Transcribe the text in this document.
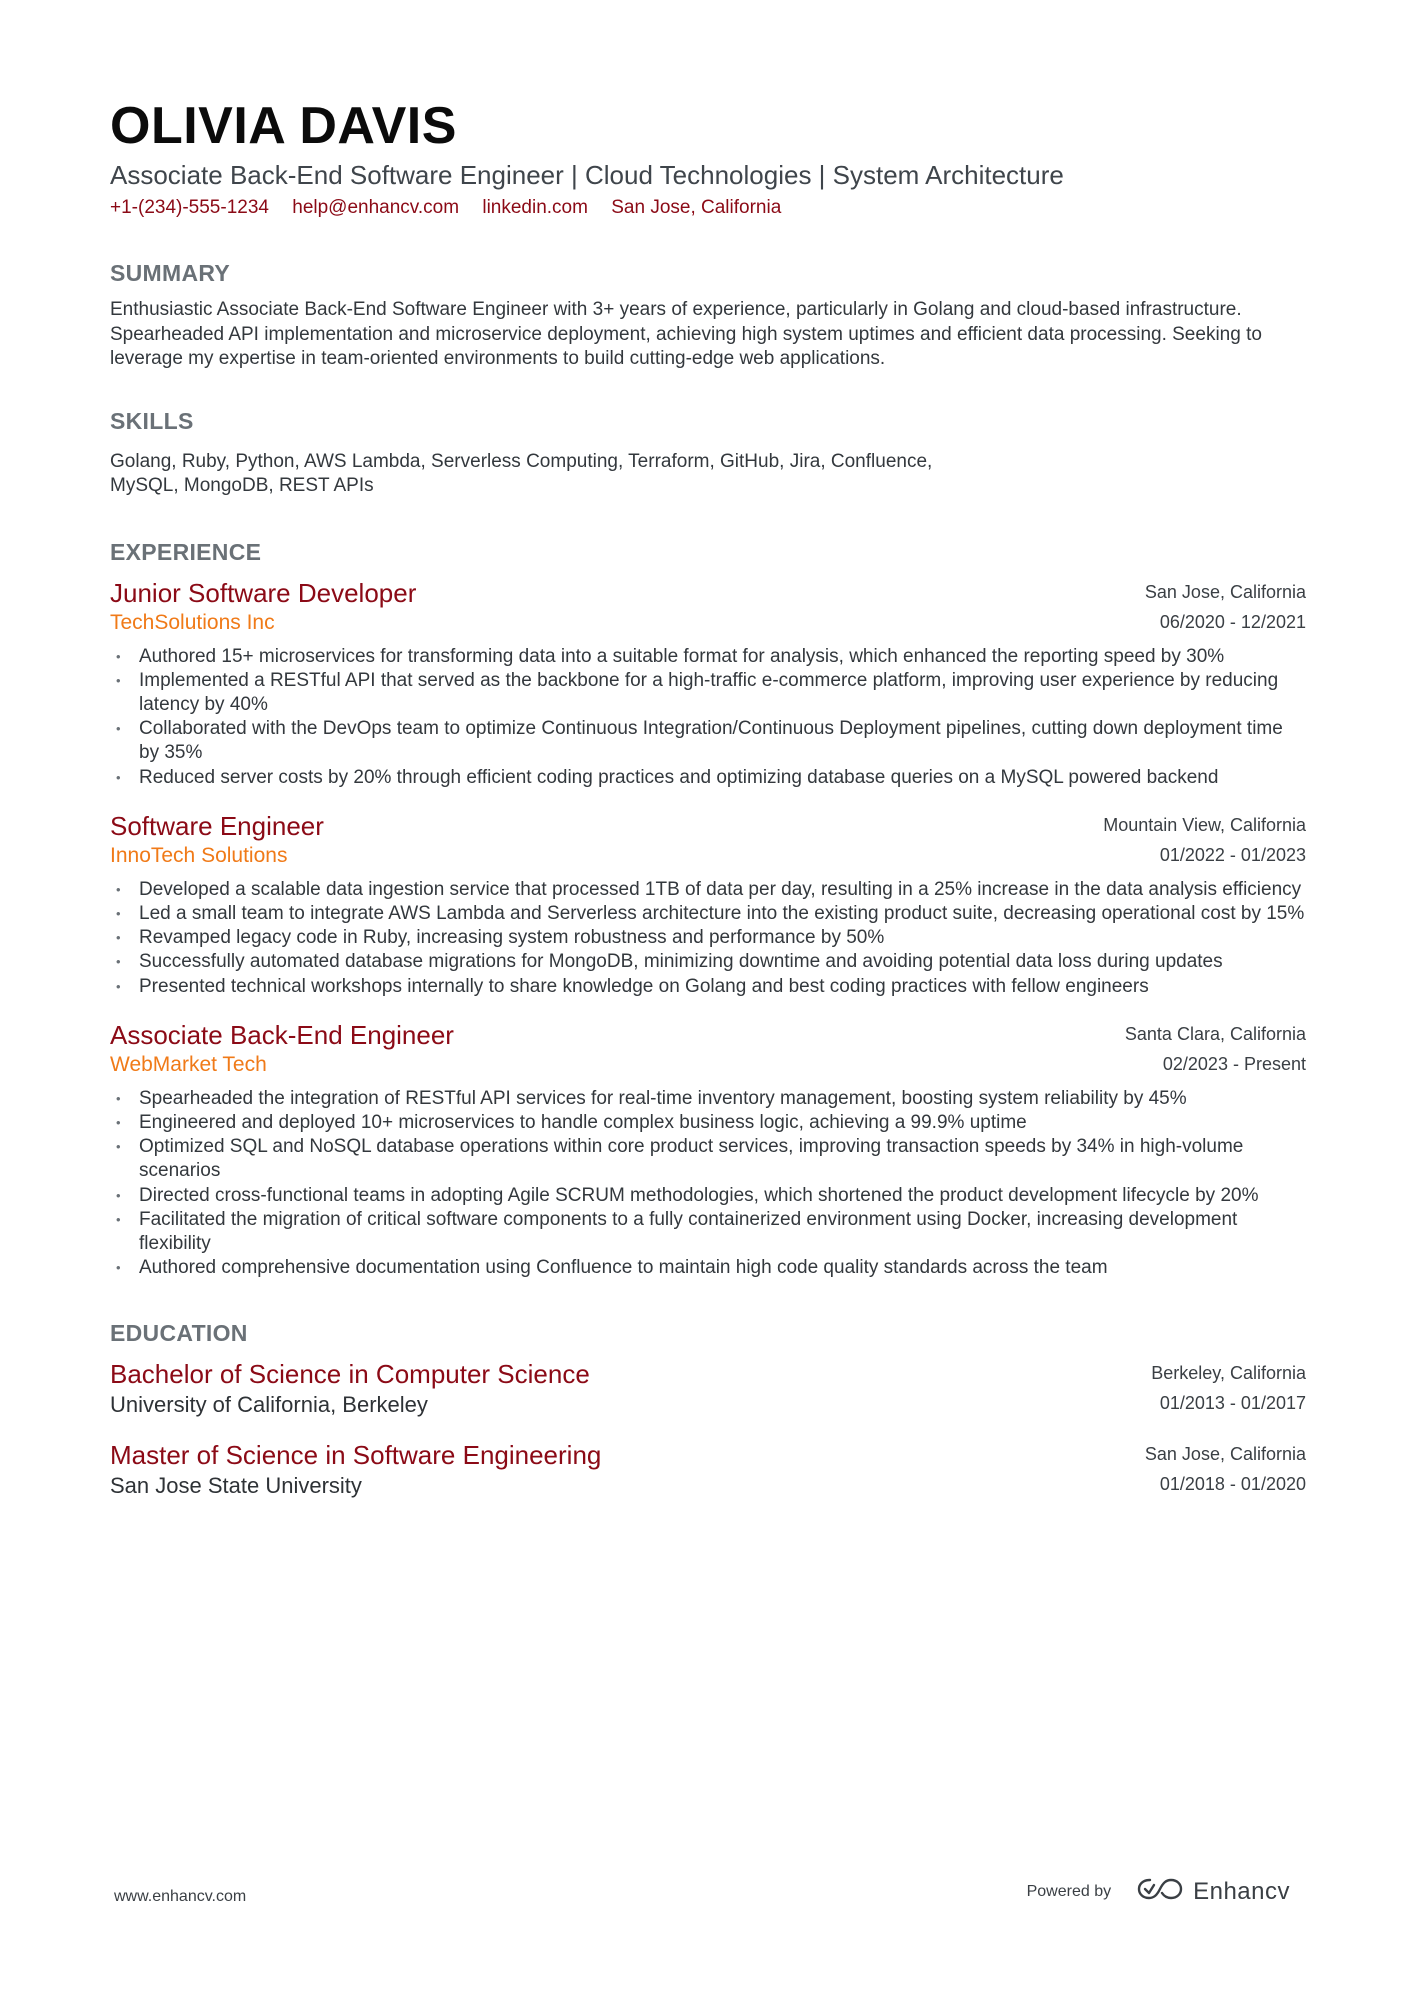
OLIVIA DAVIS
Associate Back-End Software Engineer | Cloud Technologies | System Architecture
+1-(234)-555-1234 help@enhancv.com linkedin.com San Jose, California
SUMMARY
Enthusiastic Associate Back-End Software Engineer with 3+ years of experience, particularly in Golang and cloud-based infrastructure. Spearheaded API implementation and microservice deployment, achieving high system uptimes and efficient data processing. Seeking to leverage my expertise in team-oriented environments to build cutting-edge web applications.
SKILLS
Golang, Ruby, Python, AWS Lambda, Serverless Computing, Terraform, GitHub, Jira, Confluence, MySQL, MongoDB, REST APIs
EXPERIENCE
Junior Software Developer
TechSolutions Inc
San Jose, California
06/2020 - 12/2021
• Authored 15+ microservices for transforming data into a suitable format for analysis, which enhanced the reporting speed by 30%
• Implemented a RESTful API that served as the backbone for a high-traffic e-commerce platform, improving user experience by reducing latency by 40%
• Collaborated with the DevOps team to optimize Continuous Integration/Continuous Deployment pipelines, cutting down deployment time by 35%
• Reduced server costs by 20% through efficient coding practices and optimizing database queries on a MySQL powered backend
Software Engineer
InnoTech Solutions
Mountain View, California
01/2022 - 01/2023
• Developed a scalable data ingestion service that processed 1TB of data per day, resulting in a 25% increase in the data analysis efficiency
• Led a small team to integrate AWS Lambda and Serverless architecture into the existing product suite, decreasing operational cost by 15%
• Revamped legacy code in Ruby, increasing system robustness and performance by 50%
• Successfully automated database migrations for MongoDB, minimizing downtime and avoiding potential data loss during updates
• Presented technical workshops internally to share knowledge on Golang and best coding practices with fellow engineers
Associate Back-End Engineer
WebMarket Tech
Santa Clara, California
02/2023 - Present
• Spearheaded the integration of RESTful API services for real-time inventory management, boosting system reliability by 45%
• Engineered and deployed 10+ microservices to handle complex business logic, achieving a 99.9% uptime
• Optimized SQL and NoSQL database operations within core product services, improving transaction speeds by 34% in high-volume scenarios
• Directed cross-functional teams in adopting Agile SCRUM methodologies, which shortened the product development lifecycle by 20%
• Facilitated the migration of critical software components to a fully containerized environment using Docker, increasing development flexibility
• Authored comprehensive documentation using Confluence to maintain high code quality standards across the team
EDUCATION
Bachelor of Science in Computer Science
University of California, Berkeley
Berkeley, California
01/2013 - 01/2017
Master of Science in Software Engineering
San Jose State University
San Jose, California
01/2018 - 01/2020
www.enhancv.com	Powered by	Enhancv
